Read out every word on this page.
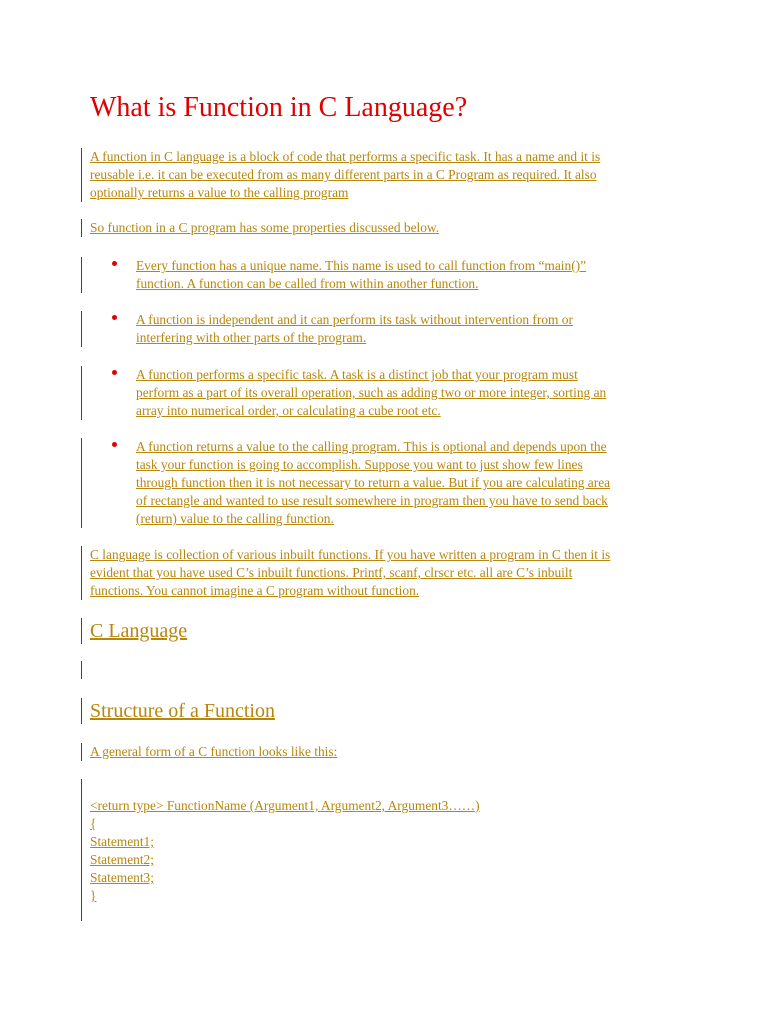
What is Function in C Language?

A function in C language is a block of code that performs a specific task. It has a name and it is
reusable i.e. it can be executed from as many different parts in a C Program as required. It also
optionally returns a value to the calling program

So function in a C program has some properties discussed below.

Every function has a unique name. This name is used to call function from “main()”
function. A function can be called from within another function.

A function is independent and it can perform its task without intervention from or
interfering with other parts of the program.

A function performs a specific task. A task is a distinct job that your program must
perform as a part of its overall operation, such as adding two or more integer, sorting an
array into numerical order, or calculating a cube root etc.

A function returns a value to the calling program. This is optional and depends upon the
task your function is going to accomplish. Suppose you want to just show few lines
through function then it is not necessary to return a value. But if you are calculating area
of rectangle and wanted to use result somewhere in program then you have to send back
(return) value to the calling function.

C language is collection of various inbuilt functions. If you have written a program in C then it is
evident that you have used C’s inbuilt functions. Printf, scanf, clrscr etc. all are C’s inbuilt
functions. You cannot imagine a C program without function.

C Language

Structure of a Function

A general form of a C function looks like this:

<return type> FunctionName (Argument1, Argument2, Argument3……)
{
Statement1;
Statement2;
Statement3;
}
